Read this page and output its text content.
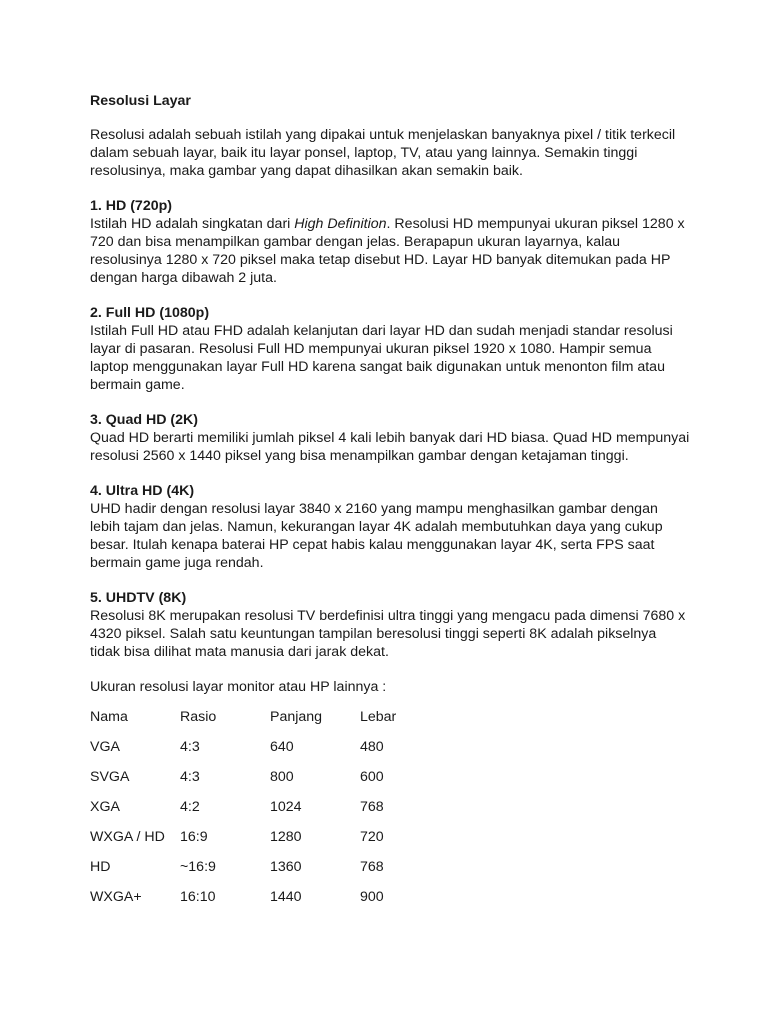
Resolusi Layar
Resolusi adalah sebuah istilah yang dipakai untuk menjelaskan banyaknya pixel / titik terkecil dalam sebuah layar, baik itu layar ponsel, laptop, TV, atau yang lainnya. Semakin tinggi resolusinya, maka gambar yang dapat dihasilkan akan semakin baik.
1. HD (720p)
Istilah HD adalah singkatan dari High Definition. Resolusi HD mempunyai ukuran piksel 1280 x 720 dan bisa menampilkan gambar dengan jelas. Berapapun ukuran layarnya, kalau resolusinya 1280 x 720 piksel maka tetap disebut HD. Layar HD banyak ditemukan pada HP dengan harga dibawah 2 juta.
2. Full HD (1080p)
Istilah Full HD atau FHD adalah kelanjutan dari layar HD dan sudah menjadi standar resolusi layar di pasaran. Resolusi Full HD mempunyai ukuran piksel 1920 x 1080. Hampir semua laptop menggunakan layar Full HD karena sangat baik digunakan untuk menonton film atau bermain game.
3. Quad HD (2K)
Quad HD berarti memiliki jumlah piksel 4 kali lebih banyak dari HD biasa. Quad HD mempunyai resolusi 2560 x 1440 piksel yang bisa menampilkan gambar dengan ketajaman tinggi.
4. Ultra HD (4K)
UHD hadir dengan resolusi layar 3840 x 2160 yang mampu menghasilkan gambar dengan lebih tajam dan jelas. Namun, kekurangan layar 4K adalah membutuhkan daya yang cukup besar. Itulah kenapa baterai HP cepat habis kalau menggunakan layar 4K, serta FPS saat bermain game juga rendah.
5. UHDTV (8K)
Resolusi 8K merupakan resolusi TV berdefinisi ultra tinggi yang mengacu pada dimensi 7680 x 4320 piksel. Salah satu keuntungan tampilan beresolusi tinggi seperti 8K adalah pikselnya tidak bisa dilihat mata manusia dari jarak dekat.
Ukuran resolusi layar monitor atau HP lainnya :
Nama	Rasio	Panjang	Lebar
VGA	4:3	640	480
SVGA	4:3	800	600
XGA	4:2	1024	768
WXGA / HD	16:9	1280	720
HD	~16:9	1360	768
WXGA+	16:10	1440	900
